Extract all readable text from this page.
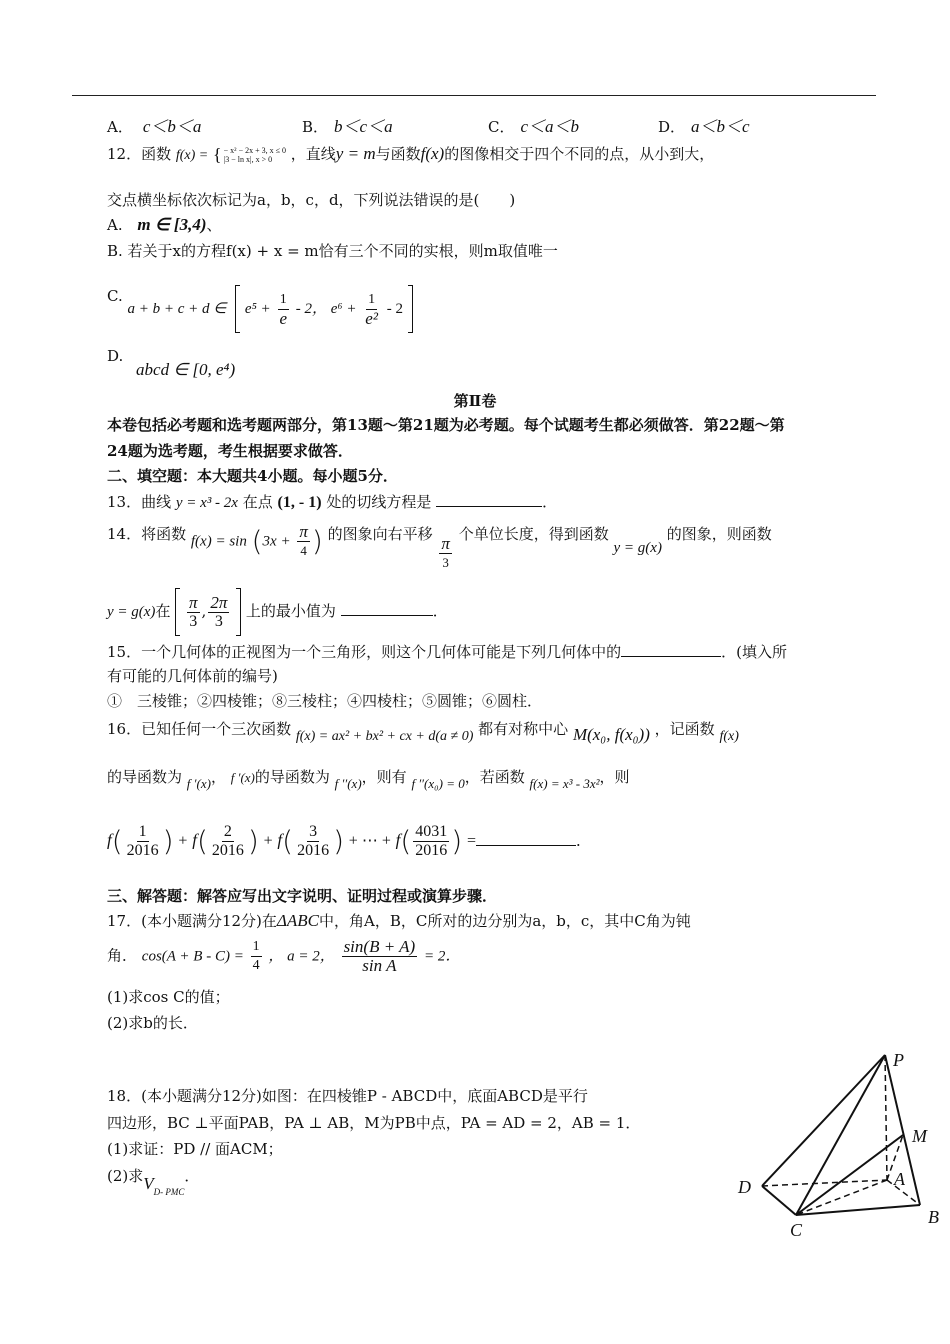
A． c＜b＜a	B． b＜c＜a	C． c＜a＜b	D． a＜b＜c
12．函数 f(x) = { − x² − 2x + 3, x ≤ 0
|3 − ln x|, x > 0 ，直线y = m与函数f(x)的图像相交于四个不同的点，从小到大，
交点横坐标依次标记为a，b，c，d，下列说法错误的是(　　)
A. m ∈ [3,4)、
B. 若关于x的方程f(x) + x = m恰有三个不同的实根，则m取值唯一
C. a + b + c + d ∈ $e^5 + \frac{1}{e} - 2$， $e^6 + \frac{1}{\text{e²}} - 2$
D. abcd ∈ [0, e⁴)
第Ⅱ卷
本卷包括必考题和选考题两部分，第13题～第21题为必考题。每个试题考生都必须做答．第22题～第
24题为选考题，考生根据要求做答．
二、填空题：本大题共4小题。每小题5分．
13．曲线 y = x³ - 2x 在点 (1, - 1) 处的切线方程是	．
14．将函数 $f(x) = \sin (3x + \frac{\pi}{4}$ ) 的图象向右平移
$\frac{\pi}{3}$
个单位长度，得到函数 y = g(x) 的图象，则函数
y = g(x)在 $\frac{\pi}{3}$ , $\frac{2\pi}{3}$ 上的最小值为	．
15．一个几何体的正视图为一个三角形，则这个几何体可能是下列几何体中的	．(填入所
有可能的几何体前的编号)
①　三棱锥；②四棱锥；⑧三棱柱；④四棱柱；⑤圆锥；⑥圆柱．
16．已知任何一个三次函数 f(x) = ax² + bx² + cx + d(a ≠ 0) 都有对称中心 M(x₀, f(x₀)) ，记函数 f(x)
的导函数为 f ′(x)， f ′(x)的导函数为 f ′′(x)，则有 f ′′(x₀) = 0，若函数 f(x) = x³ - 3x²，则
$f( \frac{1}{2016}$ ) + $f( \frac{2}{2016}$ ) + $f( \frac{3}{2016}$ ) + ⋯ + $f( \frac{4031}{2016}$ ) =	．
三、解答题：解答应写出文字说明、证明过程或演算步骤．
17．(本小题满分12分)在ΔABC中，角A，B，C所对的边分别为a，b，c，其中C角为钝
角． $\cos(A + B - C) = \frac{1}{4}$ ， a = 2， $\frac{\sin(B + A)}{\text{sin A}} = 2$．
(1)求cos C的值；
(2)求b的长．
18．(本小题满分12分)如图：在四棱锥P - ABCD中，底面ABCD是平行
四边形，BC ⊥平面PAB，PA ⊥ AB，M为PB中点，PA = AD = 2，AB = 1．
(1)求证：PD // 面ACM；
(2)求$V_{D- PMC}$．
P
M
A
D
C
B
